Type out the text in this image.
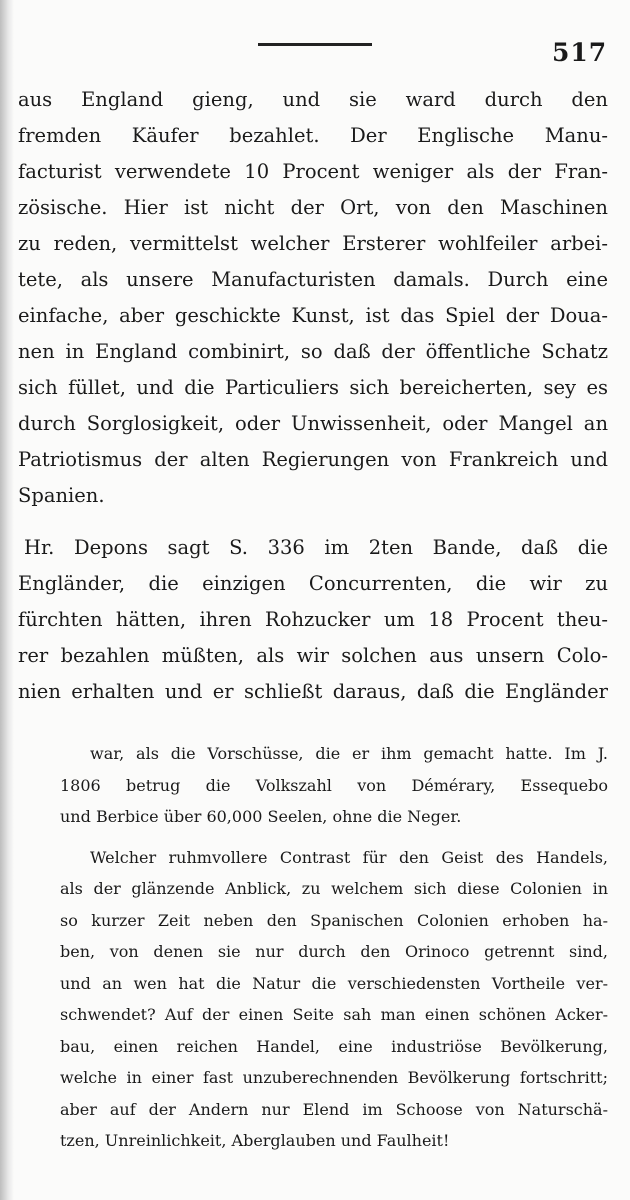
517
aus England gieng, und sie ward durch den
fremden Käufer bezahlet. Der Englische Manu-
facturist verwendete 10 Procent weniger als der Fran-
zösische. Hier ist nicht der Ort, von den Maschinen
zu reden, vermittelst welcher Ersterer wohlfeiler arbei-
tete, als unsere Manufacturisten damals. Durch eine
einfache, aber geschickte Kunst, ist das Spiel der Doua-
nen in England combinirt, so daß der öffentliche Schatz
sich füllet, und die Particuliers sich bereicherten, sey es
durch Sorglosigkeit, oder Unwissenheit, oder Mangel an
Patriotismus der alten Regierungen von Frankreich und
Spanien.
Hr. Depons sagt S. 336 im 2ten Bande, daß die
Engländer, die einzigen Concurrenten, die wir zu
fürchten hätten, ihren Rohzucker um 18 Procent theu-
rer bezahlen müßten, als wir solchen aus unsern Colo-
nien erhalten und er schließt daraus, daß die Engländer
war, als die Vorschüsse, die er ihm gemacht hatte. Im J.
1806 betrug die Volkszahl von Démérary, Essequebo
und Berbice über 60,000 Seelen, ohne die Neger.
Welcher ruhmvollere Contrast für den Geist des Handels,
als der glänzende Anblick, zu welchem sich diese Colonien in
so kurzer Zeit neben den Spanischen Colonien erhoben ha-
ben, von denen sie nur durch den Orinoco getrennt sind,
und an wen hat die Natur die verschiedensten Vortheile ver-
schwendet? Auf der einen Seite sah man einen schönen Acker-
bau, einen reichen Handel, eine industriöse Bevölkerung,
welche in einer fast unzuberechnenden Bevölkerung fortschritt;
aber auf der Andern nur Elend im Schoose von Naturschä-
tzen, Unreinlichkeit, Aberglauben und Faulheit!
